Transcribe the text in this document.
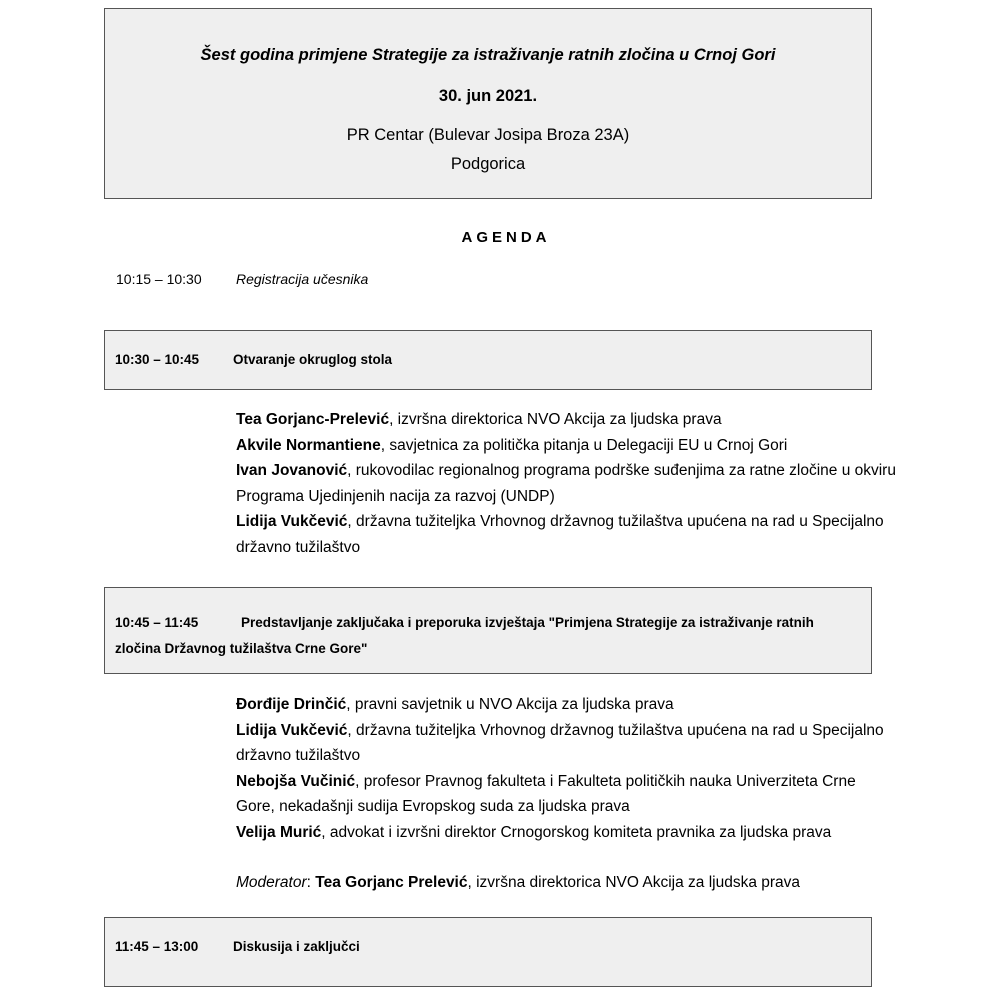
Šest godina primjene Strategije za istraživanje ratnih zločina u Crnoj Gori
30. jun 2021.
PR Centar (Bulevar Josipa Broza 23A)
Podgorica
AGENDA
10:15 – 10:30 Registracija učesnika
10:30 – 10:45	Otvaranje okruglog stola

Tea Gorjanc-Prelević, izvršna direktorica NVO Akcija za ljudska prava

Akvile Normantiene, savjetnica za politička pitanja u Delegaciji EU u Crnoj Gori

Ivan Jovanović, rukovodilac regionalnog programa podrške suđenjima za ratne zločine u okviru Programa Ujedinjenih nacija za razvoj (UNDP)

Lidija Vukčević, državna tužiteljka Vrhovnog državnog tužilaštva upućena na rad u Specijalno državno tužilaštvo

10:45 – 11:45	Predstavljanje zaključaka i preporuka izvještaja "Primjena Strategije za istraživanje ratnih zločina Državnog tužilaštva Crne Gore"

Đorđije Drinčić, pravni savjetnik u NVO Akcija za ljudska prava

Lidija Vukčević, državna tužiteljka Vrhovnog državnog tužilaštva upućena na rad u Specijalno državno tužilaštvo

Nebojša Vučinić, profesor Pravnog fakulteta i Fakulteta političkih nauka Univerziteta Crne Gore, nekadašnji sudija Evropskog suda za ljudska prava

Velija Murić, advokat i izvršni direktor Crnogorskog komiteta pravnika za ljudska prava

Moderator: Tea Gorjanc Prelević, izvršna direktorica NVO Akcija za ljudska prava
11:45 – 13:00	Diskusija i zaključci
